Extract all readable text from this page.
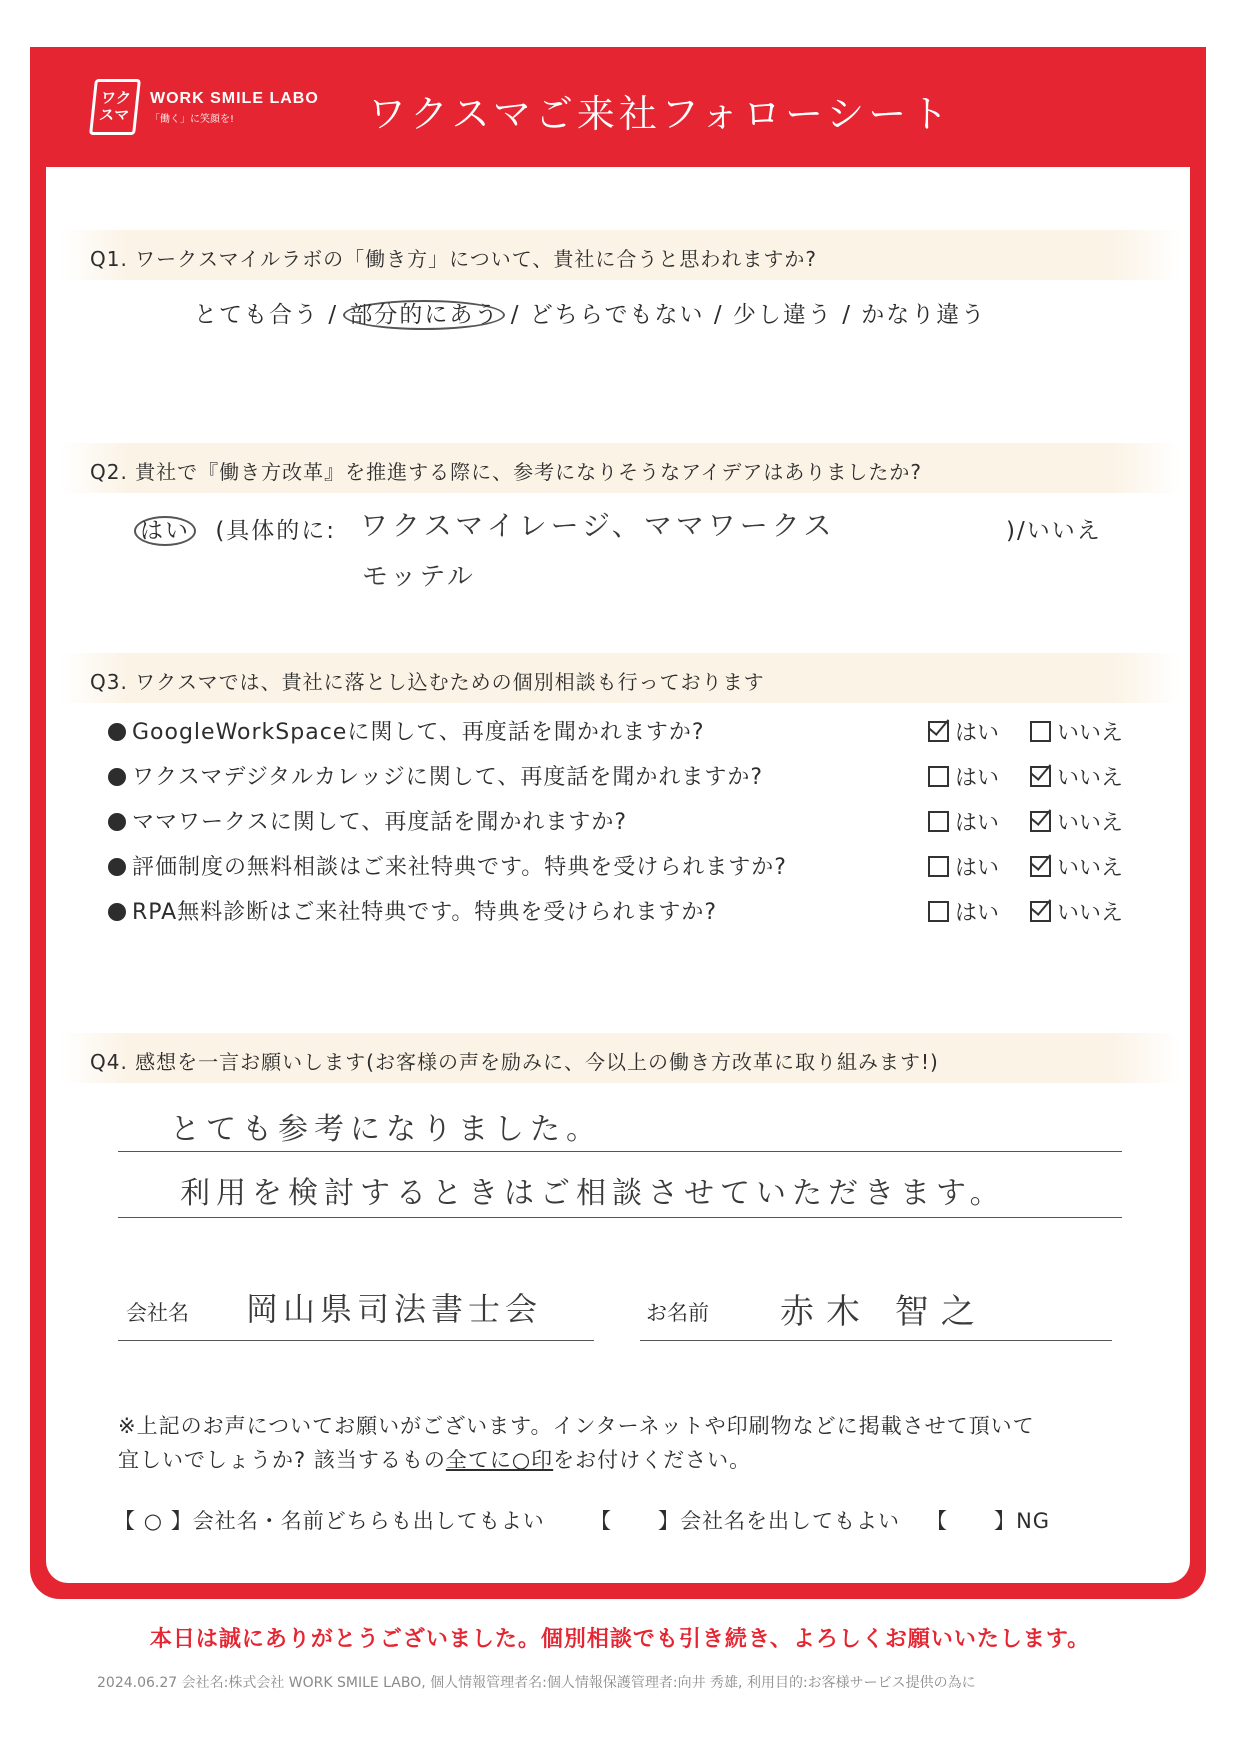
ワク
スマ
WORK SMILE LABO
「働く」に笑顔を!	ワクスマご来社フォローシート
Q1. ワークスマイルラボの「働き方」について、貴社に合うと思われますか?
とても合う / 部分的にあう / どちらでもない / 少し違う / かなり違う
Q2. 貴社で『働き方改革』を推進する際に、参考になりそうなアイデアはありましたか?
はい (具体的に: ワクスマイレージ、ママワークス
モッテル
)/いいえ
Q3. ワクスマでは、貴社に落とし込むための個別相談も行っております
GoogleWorkSpaceに関して、再度話を聞かれますか?	はい	いいえ
ワクスマデジタルカレッジに関して、再度話を聞かれますか?	はい	いいえ
ママワークスに関して、再度話を聞かれますか?	はい	いいえ
評価制度の無料相談はご来社特典です。特典を受けられますか?	はい	いいえ
RPA無料診断はご来社特典です。特典を受けられますか?	はい	いいえ
Q4. 感想を一言お願いします(お客様の声を励みに、今以上の働き方改革に取り組みます!)
とても参考になりました。
利用を検討するときはご相談させていただきます。
会社名 岡山県司法書士会	お名前 赤木 智之
※上記のお声についてお願いがございます。インターネットや印刷物などに掲載させて頂いて
宜しいでしょうか? 該当するもの全てに○印をお付けください。
【 ○ 】会社名・名前どちらも出してもよい 【      】会社名を出してもよい 【      】NG
本日は誠にありがとうございました。個別相談でも引き続き、よろしくお願いいたします。
2024.06.27 会社名:株式会社 WORK SMILE LABO, 個人情報管理者名:個人情報保護管理者:向井 秀雄, 利用目的:お客様サービス提供の為に
